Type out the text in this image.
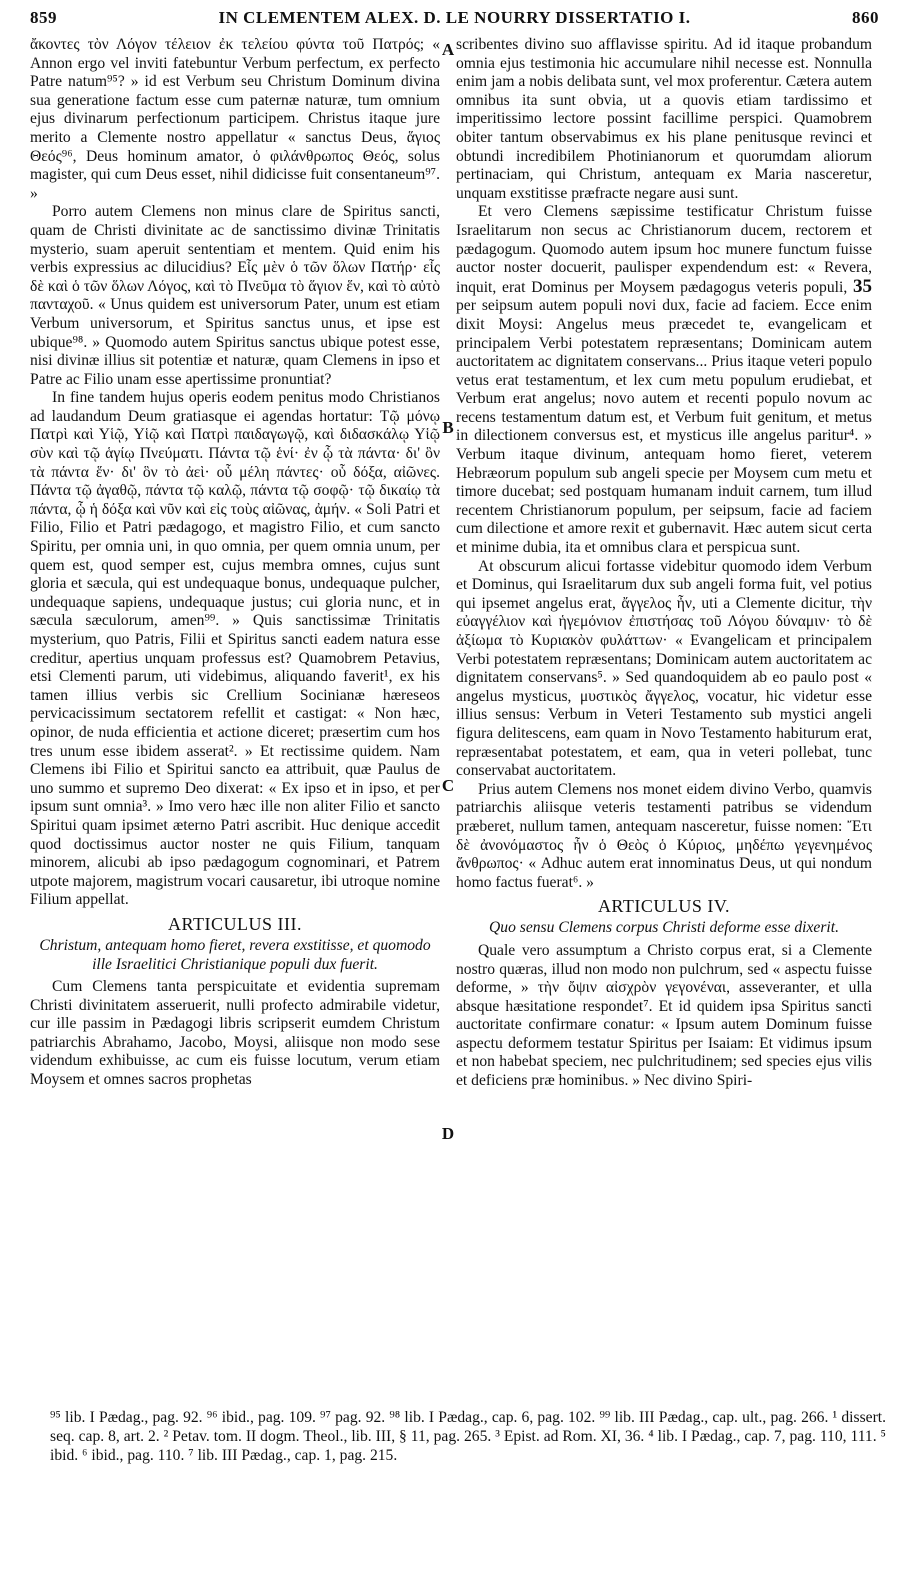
859	IN CLEMENTEM ALEX. D. LE NOURRY DISSERTATIO I.	860
A
B
C
D

ἄκοντες τὸν Λόγον τέλειον ἐκ τελείου φύντα τοῦ Πατρός; « Annon ergo vel inviti fatebuntur Verbum perfectum, ex perfecto Patre natum⁹⁵? » id est Verbum seu Christum Dominum divina sua generatione factum esse cum paternæ naturæ, tum omnium ejus divinarum perfectionum participem. Christus itaque jure merito a Clemente nostro appellatur « sanctus Deus, ἅγιος Θεός⁹⁶, Deus hominum amator, ὁ φιλάνθρωπος Θεός, solus magister, qui cum Deus esset, nihil didicisse fuit consentaneum⁹⁷. »

Porro autem Clemens non minus clare de Spiritus sancti, quam de Christi divinitate ac de sanctissimo divinæ Trinitatis mysterio, suam aperuit sententiam et mentem. Quid enim his verbis expressius ac dilucidius? Εἷς μὲν ὁ τῶν ὅλων Πατήρ· εἷς δὲ καὶ ὁ τῶν ὅλων Λόγος, καὶ τὸ Πνεῦμα τὸ ἅγιον ἕν, καὶ τὸ αὐτὸ πανταχοῦ. « Unus quidem est universorum Pater, unum est etiam Verbum universorum, et Spiritus sanctus unus, et ipse est ubique⁹⁸. » Quomodo autem Spiritus sanctus ubique potest esse, nisi divinæ illius sit potentiæ et naturæ, quam Clemens in ipso et Patre ac Filio unam esse apertissime pronuntiat?

In fine tandem hujus operis eodem penitus modo Christianos ad laudandum Deum gratiasque ei agendas hortatur: Τῷ μόνῳ Πατρὶ καὶ Υἱῷ, Υἱῷ καὶ Πατρὶ παιδαγωγῷ, καὶ διδασκάλῳ Υἱῷ σὺν καὶ τῷ ἁγίῳ Πνεύματι. Πάντα τῷ ἑνί· ἐν ᾧ τὰ πάντα· δι' ὃν τὰ πάντα ἕν· δι' ὃν τὸ ἀεὶ· οὗ μέλη πάντες· οὗ δόξα, αἰῶνες. Πάντα τῷ ἀγαθῷ, πάντα τῷ καλῷ, πάντα τῷ σοφῷ· τῷ δικαίῳ τὰ πάντα, ᾧ ἡ δόξα καὶ νῦν καὶ εἰς τοὺς αἰῶνας, ἀμήν. « Soli Patri et Filio, Filio et Patri pædagogo, et magistro Filio, et cum sancto Spiritu, per omnia uni, in quo omnia, per quem omnia unum, per quem est, quod semper est, cujus membra omnes, cujus sunt gloria et sæcula, qui est undequaque bonus, undequaque pulcher, undequaque sapiens, undequaque justus; cui gloria nunc, et in sæcula sæculorum, amen⁹⁹. » Quis sanctissimæ Trinitatis mysterium, quo Patris, Filii et Spiritus sancti eadem natura esse creditur, apertius unquam professus est? Quamobrem Petavius, etsi Clementi parum, uti videbimus, aliquando faverit¹, ex his tamen illius verbis sic Crellium Socinianæ hæreseos pervicacissimum sectatorem refellit et castigat: « Non hæc, opinor, de nuda efficientia et actione diceret; præsertim cum hos tres unum esse ibidem asserat². » Et rectissime quidem. Nam Clemens ibi Filio et Spiritui sancto ea attribuit, quæ Paulus de uno summo et supremo Deo dixerat: « Ex ipso et in ipso, et per ipsum sunt omnia³. » Imo vero hæc ille non aliter Filio et sancto Spiritui quam ipsimet æterno Patri ascribit. Huc denique accedit quod doctissimus auctor noster ne quis Filium, tanquam minorem, alicubi ab ipso pædagogum cognominari, et Patrem utpote majorem, magistrum vocari causaretur, ibi utroque nomine Filium appellat.

ARTICULUS III.
Christum, antequam homo fieret, revera exstitisse, et quomodo ille Israelitici Christianique populi dux fuerit.

Cum Clemens tanta perspicuitate et evidentia supremam Christi divinitatem asseruerit, nulli profecto admirabile videtur, cur ille passim in Pædagogi libris scripserit eumdem Christum patriarchis Abrahamo, Jacobo, Moysi, aliisque non modo sese videndum exhibuisse, ac cum eis fuisse locutum, verum etiam Moysem et omnes sacros prophetas

scribentes divino suo afflavisse spiritu. Ad id itaque probandum omnia ejus testimonia hic accumulare nihil necesse est. Nonnulla enim jam a nobis delibata sunt, vel mox proferentur. Cætera autem omnibus ita sunt obvia, ut a quovis etiam tardissimo et imperitissimo lectore possint facillime perspici. Quamobrem obiter tantum observabimus ex his plane penitusque revinci et obtundi incredibilem Photinianorum et quorumdam aliorum pertinaciam, qui Christum, antequam ex Maria nasceretur, unquam exstitisse præfracte negare ausi sunt.

Et vero Clemens sæpissime testificatur Christum fuisse Israelitarum non secus ac Christianorum ducem, rectorem et pædagogum. Quomodo autem ipsum hoc munere functum fuisse auctor noster docuerit, paulisper expendendum est: « Revera, inquit, erat Dominus per Moysem pædagogus veteris populi, 35 per seipsum autem populi novi dux, facie ad faciem. Ecce enim dixit Moysi: Angelus meus præcedet te, evangelicam et principalem Verbi potestatem repræsentans; Dominicam autem auctoritatem ac dignitatem conservans... Prius itaque veteri populo vetus erat testamentum, et lex cum metu populum erudiebat, et Verbum erat angelus; novo autem et recenti populo novum ac recens testamentum datum est, et Verbum fuit genitum, et metus in dilectionem conversus est, et mysticus ille angelus paritur⁴. » Verbum itaque divinum, antequam homo fieret, veterem Hebræorum populum sub angeli specie per Moysem cum metu et timore ducebat; sed postquam humanam induit carnem, tum illud recentem Christianorum populum, per seipsum, facie ad faciem cum dilectione et amore rexit et gubernavit. Hæc autem sicut certa et minime dubia, ita et omnibus clara et perspicua sunt.

At obscurum alicui fortasse videbitur quomodo idem Verbum et Dominus, qui Israelitarum dux sub angeli forma fuit, vel potius qui ipsemet angelus erat, ἄγγελος ἦν, uti a Clemente dicitur, τὴν εὐαγγέλιον καὶ ἡγεμόνιον ἐπιστήσας τοῦ Λόγου δύναμιν· τὸ δὲ ἀξίωμα τὸ Κυριακὸν φυλάττων· « Evangelicam et principalem Verbi potestatem repræsentans; Dominicam autem auctoritatem ac dignitatem conservans⁵. » Sed quandoquidem ab eo paulo post « angelus mysticus, μυστικὸς ἄγγελος, vocatur, hic videtur esse illius sensus: Verbum in Veteri Testamento sub mystici angeli figura delitescens, eam quam in Novo Testamento habiturum erat, repræsentabat potestatem, et eam, qua in veteri pollebat, tunc conservabat auctoritatem.

Prius autem Clemens nos monet eidem divino Verbo, quamvis patriarchis aliisque veteris testamenti patribus se videndum præberet, nullum tamen, antequam nasceretur, fuisse nomen: Ἔτι δὲ ἀνονόμαστος ἦν ὁ Θεὸς ὁ Κύριος, μηδέπω γεγενημένος ἄνθρωπος· « Adhuc autem erat innominatus Deus, ut qui nondum homo factus fuerat⁶. »

ARTICULUS IV.
Quo sensu Clemens corpus Christi deforme esse dixerit.

Quale vero assumptum a Christo corpus erat, si a Clemente nostro quæras, illud non modo non pulchrum, sed « aspectu fuisse deforme, » τὴν ὄψιν αἰσχρὸν γεγονέναι, asseveranter, et ulla absque hæsitatione respondet⁷. Et id quidem ipsa Spiritus sancti auctoritate confirmare conatur: « Ipsum autem Dominum fuisse aspectu deformem testatur Spiritus per Isaiam: Et vidimus ipsum et non habebat speciem, nec pulchritudinem; sed species ejus vilis et deficiens præ hominibus. » Nec divino Spiri-

⁹⁵ lib. I Pædag., pag. 92. ⁹⁶ ibid., pag. 109. ⁹⁷ pag. 92. ⁹⁸ lib. I Pædag., cap. 6, pag. 102. ⁹⁹ lib. III Pædag., cap. ult., pag. 266. ¹ dissert. seq. cap. 8, art. 2. ² Petav. tom. II dogm. Theol., lib. III, § 11, pag. 265. ³ Epist. ad Rom. XI, 36. ⁴ lib. I Pædag., cap. 7, pag. 110, 111. ⁵ ibid. ⁶ ibid., pag. 110. ⁷ lib. III Pædag., cap. 1, pag. 215.
